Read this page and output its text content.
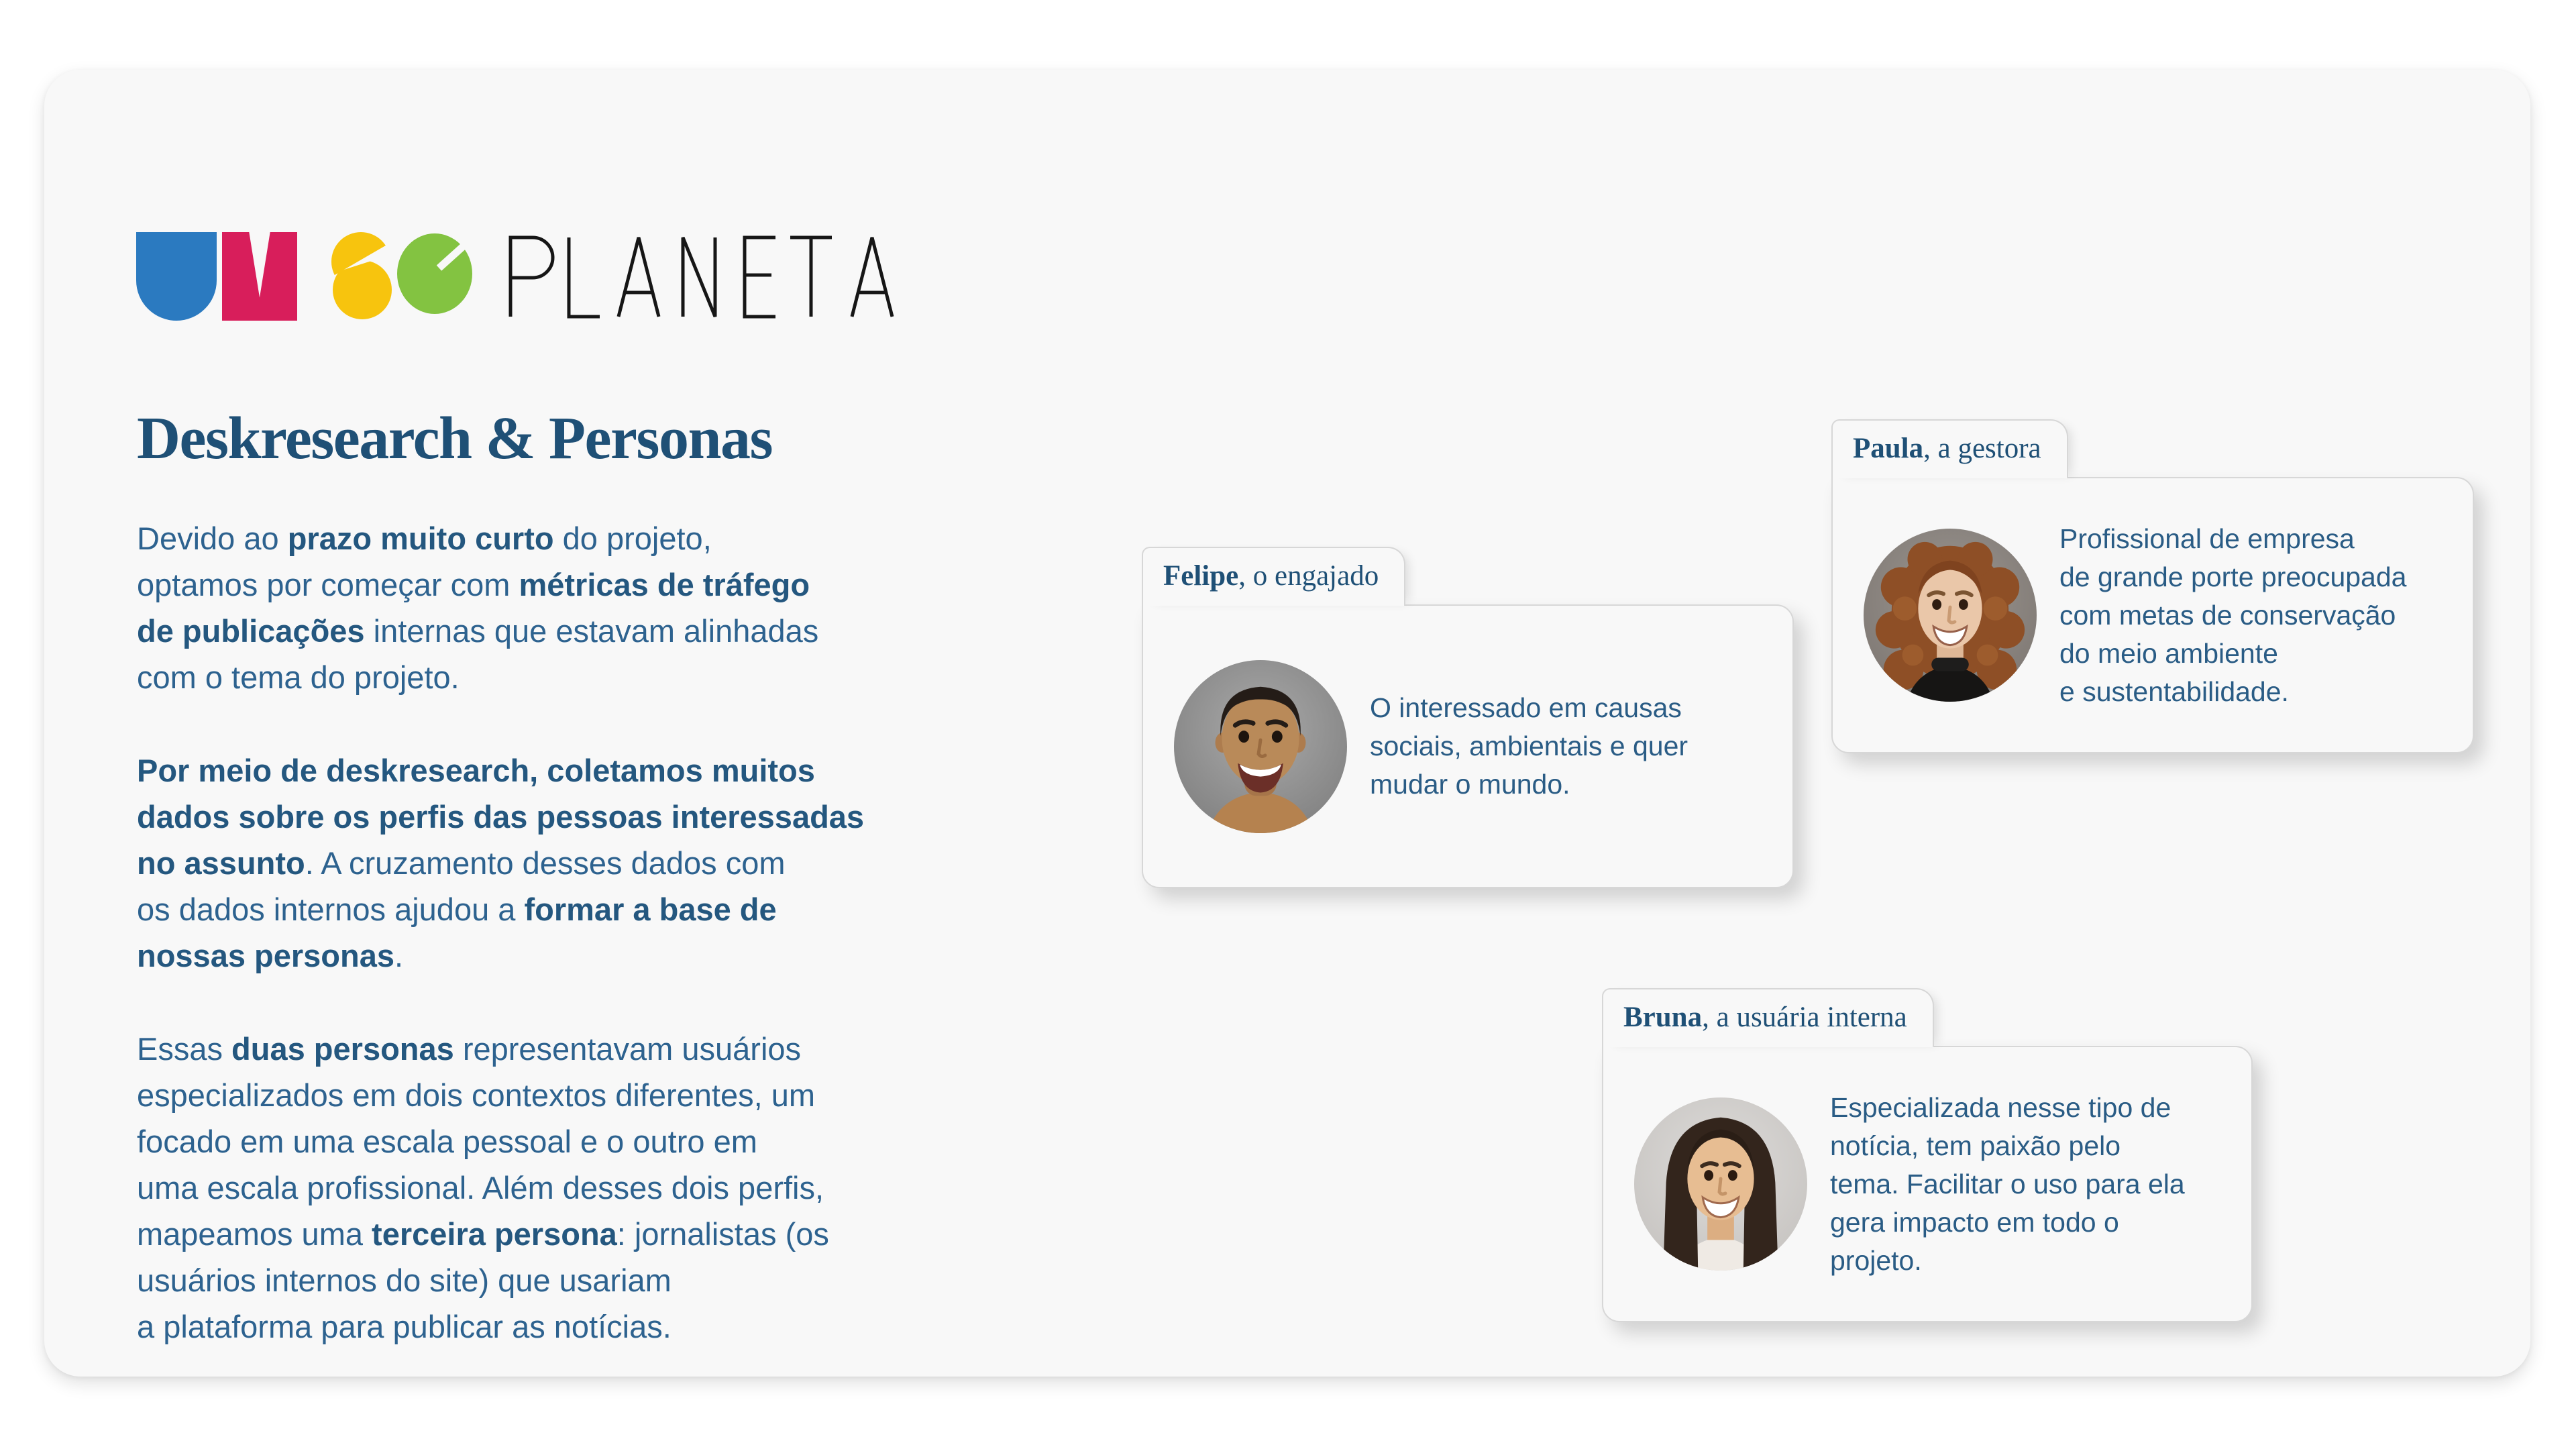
Deskresearch & Personas

Devido ao prazo muito curto do projeto,
optamos por começar com métricas de tráfego
de publicações internas que estavam alinhadas
com o tema do projeto.

Por meio de deskresearch, coletamos muitos
dados sobre os perfis das pessoas interessadas
no assunto. A cruzamento desses dados com
os dados internos ajudou a formar a base de
nossas personas.

Essas duas personas representavam usuários
especializados em dois contextos diferentes, um
focado em uma escala pessoal e o outro em
uma escala profissional. Além desses dois perfis,
mapeamos uma terceira persona: jornalistas (os
usuários internos do site) que usariam
a plataforma para publicar as notícias.

Felipe , o engajado
O interessado em causas
sociais, ambientais e quer
mudar o mundo.
Paula , a gestora
Profissional de empresa
de grande porte preocupada
com metas de conservação
do meio ambiente
e sustentabilidade.
Bruna , a usuária interna
Especializada nesse tipo de
notícia, tem paixão pelo
tema. Facilitar o uso para ela
gera impacto em todo o
projeto.
